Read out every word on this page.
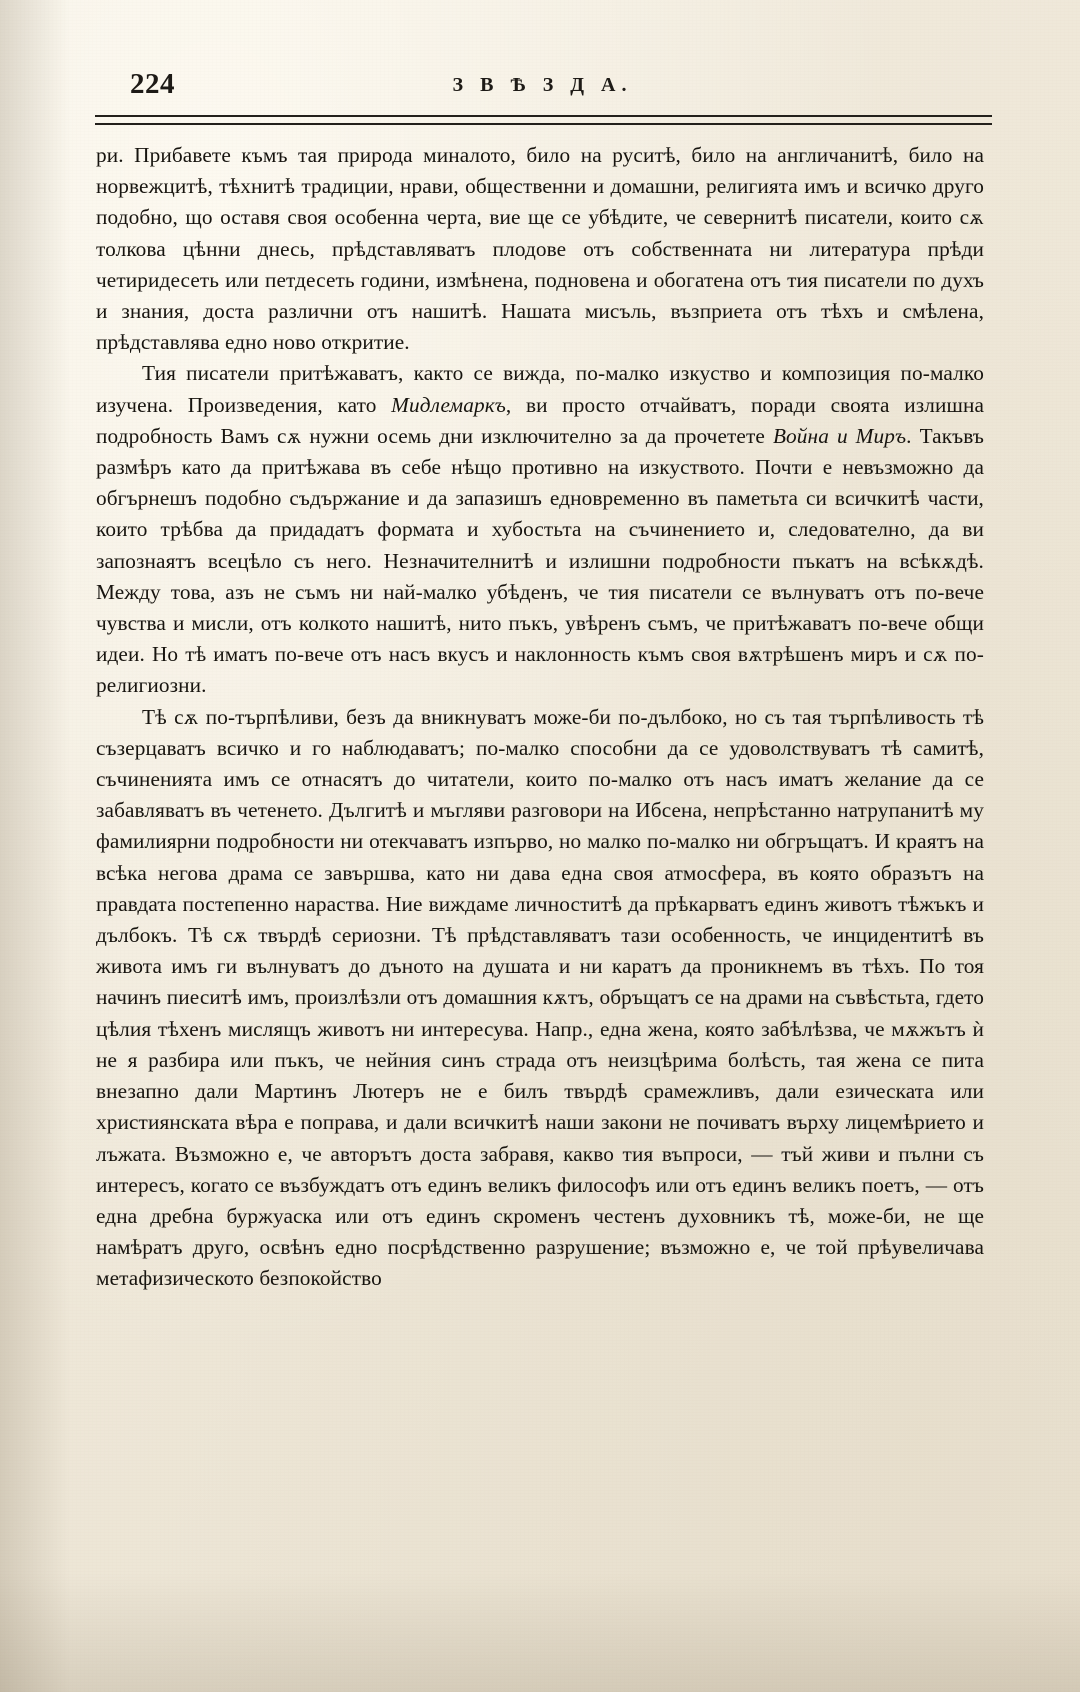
224	З В Ѣ З Д А.

ри. Прибавете къмъ тая природа миналото, било на руситѣ, било на англичанитѣ, било на норвежцитѣ, тѣхнитѣ традиции, нрави, общественни и домашни, религията имъ и всичко друго подобно, що оставя своя особенна черта, вие ще се убѣдите, че севернитѣ писатели, които сѫ толкова цѣнни днесь, прѣдставляватъ плодове отъ собственната ни литература прѣди четиридесеть или петдесеть години, измѣнена, подновена и обогатена отъ тия писатели по духъ и знания, доста различни отъ нашитѣ. Нашата мисъль, възприета отъ тѣхъ и смѣлена, прѣдставлява едно ново откритие.

Тия писатели притѣжаватъ, както се вижда, по-малко изкуство и композиция по-малко изучена. Произведения, като Мидлемаркъ, ви просто отчайватъ, поради своята излишна подробность Вамъ сѫ нужни осемь дни изключително за да прочетете Война и Миръ. Такъвъ размѣръ като да притѣжава въ себе нѣщо противно на изкуството. Почти е невъзможно да обгърнешъ подобно съдържание и да запазишъ едновременно въ паметьта си всичкитѣ части, които трѣбва да придадатъ формата и хубостьта на съчинението и, следователно, да ви запознаятъ всецѣло съ него. Незначителнитѣ и излишни подробности пъкатъ на всѣкѫдѣ. Между това, азъ не съмъ ни най-малко убѣденъ, че тия писатели се вълнуватъ отъ по-вече чувства и мисли, отъ колкото нашитѣ, нито пъкъ, увѣренъ съмъ, че притѣжаватъ по-вече общи идеи. Но тѣ иматъ по-вече отъ насъ вкусъ и наклонность къмъ своя вѫтрѣшенъ миръ и сѫ по-религиозни.

Тѣ сѫ по-търпѣливи, безъ да вникнуватъ може-би по-дълбоко, но съ тая търпѣливость тѣ съзерцаватъ всичко и го наблюдаватъ; по-малко способни да се удоволствуватъ тѣ самитѣ, съчиненията имъ се отнасятъ до читатели, които по-малко отъ насъ иматъ желание да се забавляватъ въ четенето. Дългитѣ и мъгляви разговори на Ибсена, непрѣстанно натрупанитѣ му фамилиярни подробности ни отекчаватъ изпърво, но малко по-малко ни обгръщатъ. И краятъ на всѣка негова драма се завършва, като ни дава една своя атмосфера, въ която образътъ на правдата постепенно нараства. Ние виждаме личноститѣ да прѣкарватъ единъ животъ тѣжъкъ и дълбокъ. Тѣ сѫ твърдѣ сериозни. Тѣ прѣдставляватъ тази особенность, че инцидентитѣ въ живота имъ ги вълнуватъ до дъното на душата и ни каратъ да проникнемъ въ тѣхъ. По тоя начинъ пиеситѣ имъ, произлѣзли отъ домашния кѫтъ, обръщатъ се на драми на съвѣстьта, гдето цѣлия тѣхенъ мислящъ животъ ни интересува. Напр., една жена, която забѣлѣзва, че мѫжътъ ѝ не я разбира или пъкъ, че нейния синъ страда отъ неизцѣрима болѣсть, тая жена се пита внезапно дали Мартинъ Лютеръ не е билъ твърдѣ срамежливъ, дали езическата или християнската вѣра е поправа, и дали всичкитѣ наши закони не почиватъ върху лицемѣрието и лъжата. Възможно е, че авторътъ доста забравя, какво тия въпроси, — тъй живи и пълни съ интересъ, когато се възбуждатъ отъ единъ великъ философъ или отъ единъ великъ поетъ, — отъ една дребна буржуаска или отъ единъ скроменъ честенъ духовникъ тѣ, може-би, не ще намѣратъ друго, освѣнъ едно посрѣдственно разрушение; възможно е, че той прѣувеличава метафизическото безпокойство
